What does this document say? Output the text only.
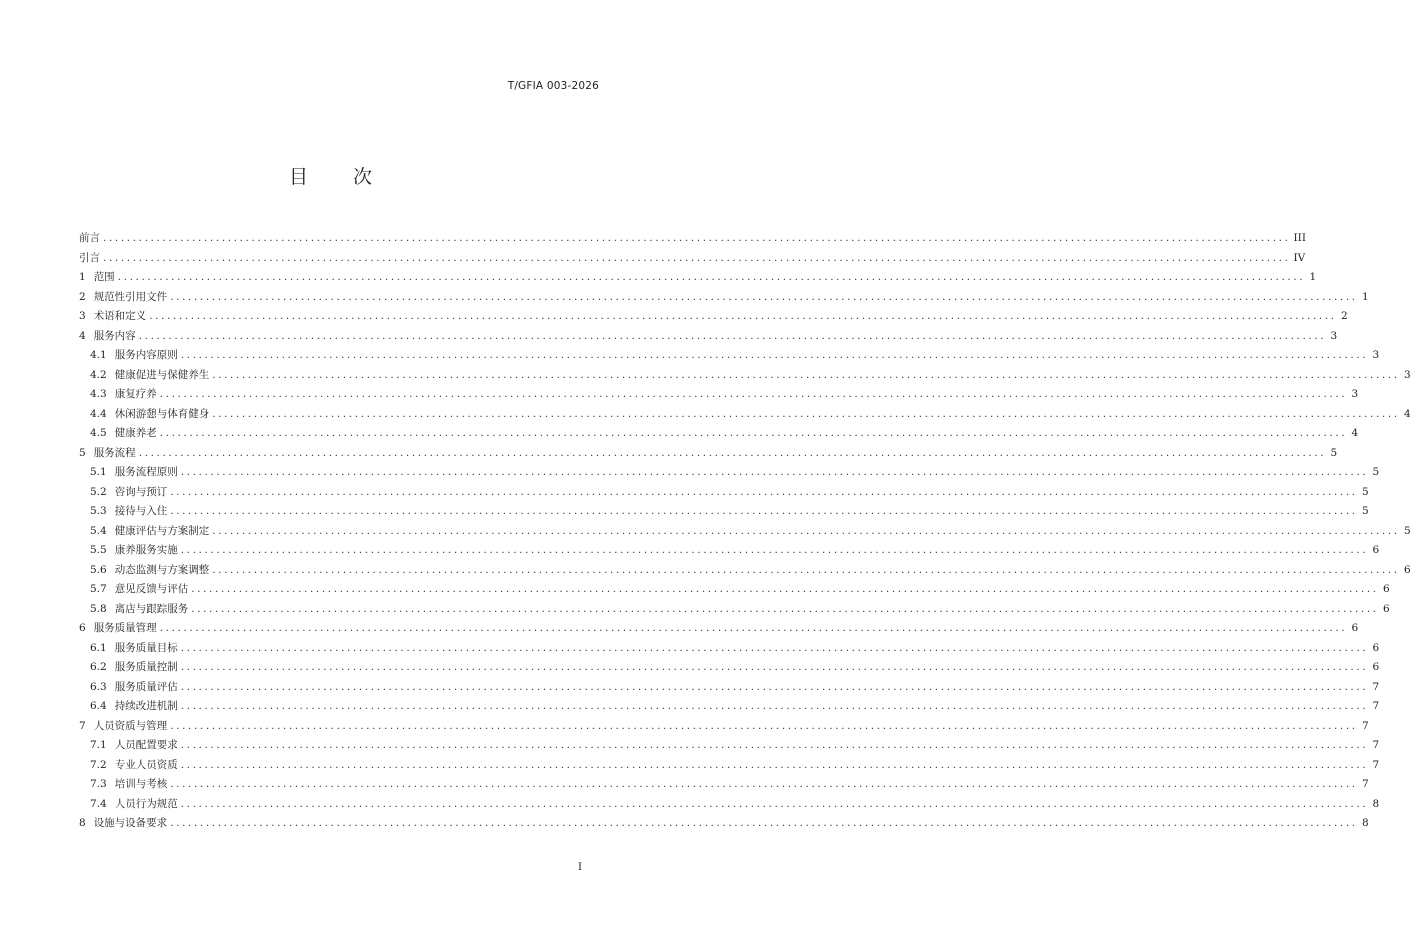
T/GFIA 003-2026
目 次
前言 ........................................................................................................................................................................................................ III
引言 ........................................................................................................................................................................................................ IV
1 范围 ........................................................................................................................................................................................................ 1
2 规范性引用文件 ........................................................................................................................................................................................................ 1
3 术语和定义 ........................................................................................................................................................................................................ 2
4 服务内容 ........................................................................................................................................................................................................ 3
4.1 服务内容原则 ........................................................................................................................................................................................................ 3
4.2 健康促进与保健养生 ........................................................................................................................................................................................................ 3
4.3 康复疗养 ........................................................................................................................................................................................................ 3
4.4 休闲游憩与体育健身 ........................................................................................................................................................................................................ 4
4.5 健康养老 ........................................................................................................................................................................................................ 4
5 服务流程 ........................................................................................................................................................................................................ 5
5.1 服务流程原则 ........................................................................................................................................................................................................ 5
5.2 咨询与预订 ........................................................................................................................................................................................................ 5
5.3 接待与入住 ........................................................................................................................................................................................................ 5
5.4 健康评估与方案制定 ........................................................................................................................................................................................................ 5
5.5 康养服务实施 ........................................................................................................................................................................................................ 6
5.6 动态监测与方案调整 ........................................................................................................................................................................................................ 6
5.7 意见反馈与评估 ........................................................................................................................................................................................................ 6
5.8 离店与跟踪服务 ........................................................................................................................................................................................................ 6
6 服务质量管理 ........................................................................................................................................................................................................ 6
6.1 服务质量目标 ........................................................................................................................................................................................................ 6
6.2 服务质量控制 ........................................................................................................................................................................................................ 6
6.3 服务质量评估 ........................................................................................................................................................................................................ 7
6.4 持续改进机制 ........................................................................................................................................................................................................ 7
7 人员资质与管理 ........................................................................................................................................................................................................ 7
7.1 人员配置要求 ........................................................................................................................................................................................................ 7
7.2 专业人员资质 ........................................................................................................................................................................................................ 7
7.3 培训与考核 ........................................................................................................................................................................................................ 7
7.4 人员行为规范 ........................................................................................................................................................................................................ 8
8 设施与设备要求 ........................................................................................................................................................................................................ 8
I
